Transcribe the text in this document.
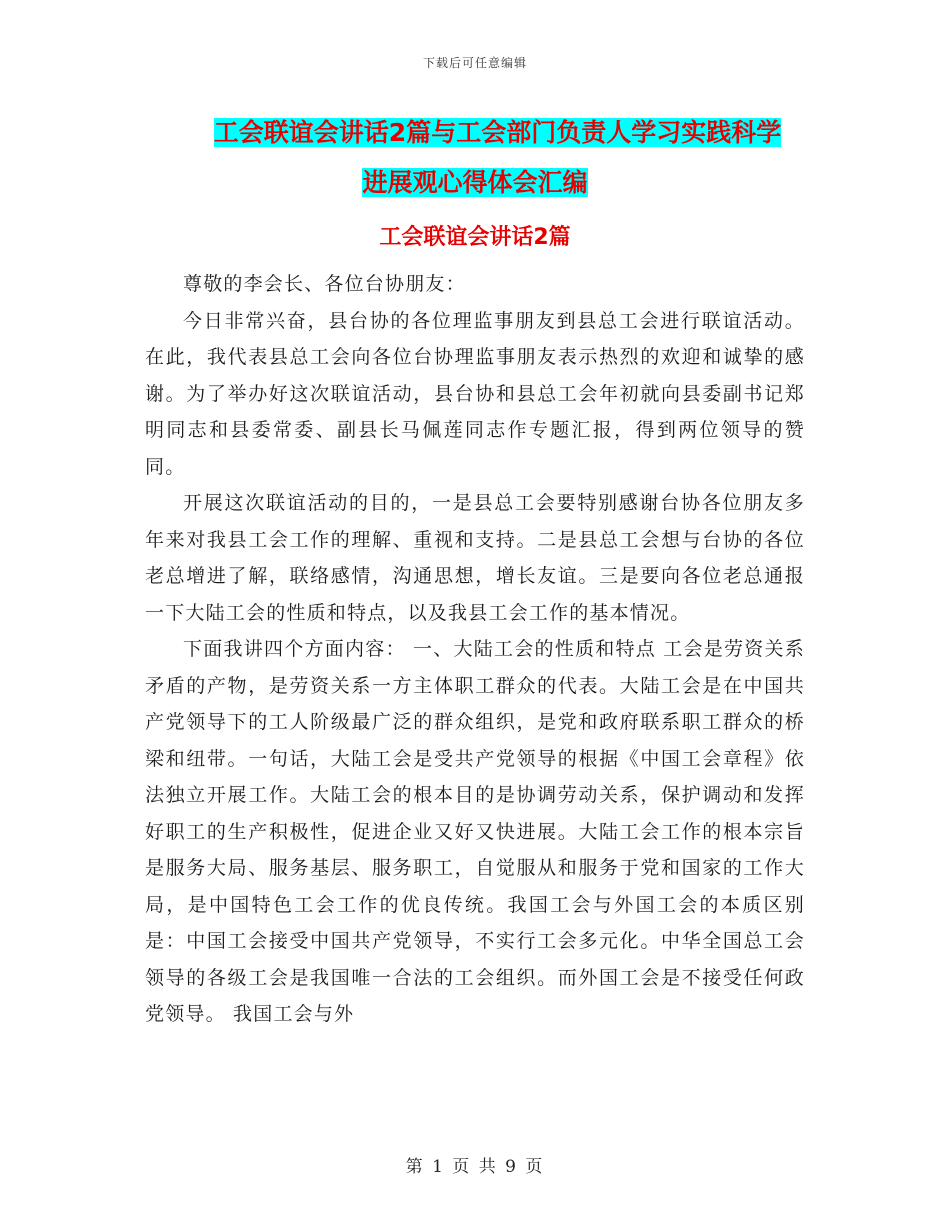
下载后可任意编辑
工会联谊会讲话2篇与工会部门负责人学习实践科学
进展观心得体会汇编
工会联谊会讲话2篇

尊敬的李会长、各位台协朋友：

今日非常兴奋，县台协的各位理监事朋友到县总工会进行联谊活动。在此，我代表县总工会向各位台协理监事朋友表示热烈的欢迎和诚挚的感谢。为了举办好这次联谊活动，县台协和县总工会年初就向县委副书记郑明同志和县委常委、副县长马佩莲同志作专题汇报，得到两位领导的赞同。

开展这次联谊活动的目的，一是县总工会要特别感谢台协各位朋友多年来对我县工会工作的理解、重视和支持。二是县总工会想与台协的各位老总增进了解，联络感情，沟通思想，增长友谊。三是要向各位老总通报一下大陆工会的性质和特点，以及我县工会工作的基本情况。

下面我讲四个方面内容： 一、大陆工会的性质和特点 工会是劳资关系矛盾的产物，是劳资关系一方主体职工群众的代表。大陆工会是在中国共产党领导下的工人阶级最广泛的群众组织，是党和政府联系职工群众的桥梁和纽带。一句话，大陆工会是受共产党领导的根据《中国工会章程》依法独立开展工作。大陆工会的根本目的是协调劳动关系，保护调动和发挥好职工的生产积极性，促进企业又好又快进展。大陆工会工作的根本宗旨是服务大局、服务基层、服务职工，自觉服从和服务于党和国家的工作大局，是中国特色工会工作的优良传统。我国工会与外国工会的本质区别是：中国工会接受中国共产党领导，不实行工会多元化。中华全国总工会领导的各级工会是我国唯一合法的工会组织。而外国工会是不接受任何政党领导。 我国工会与外

第 1 页 共 9 页
